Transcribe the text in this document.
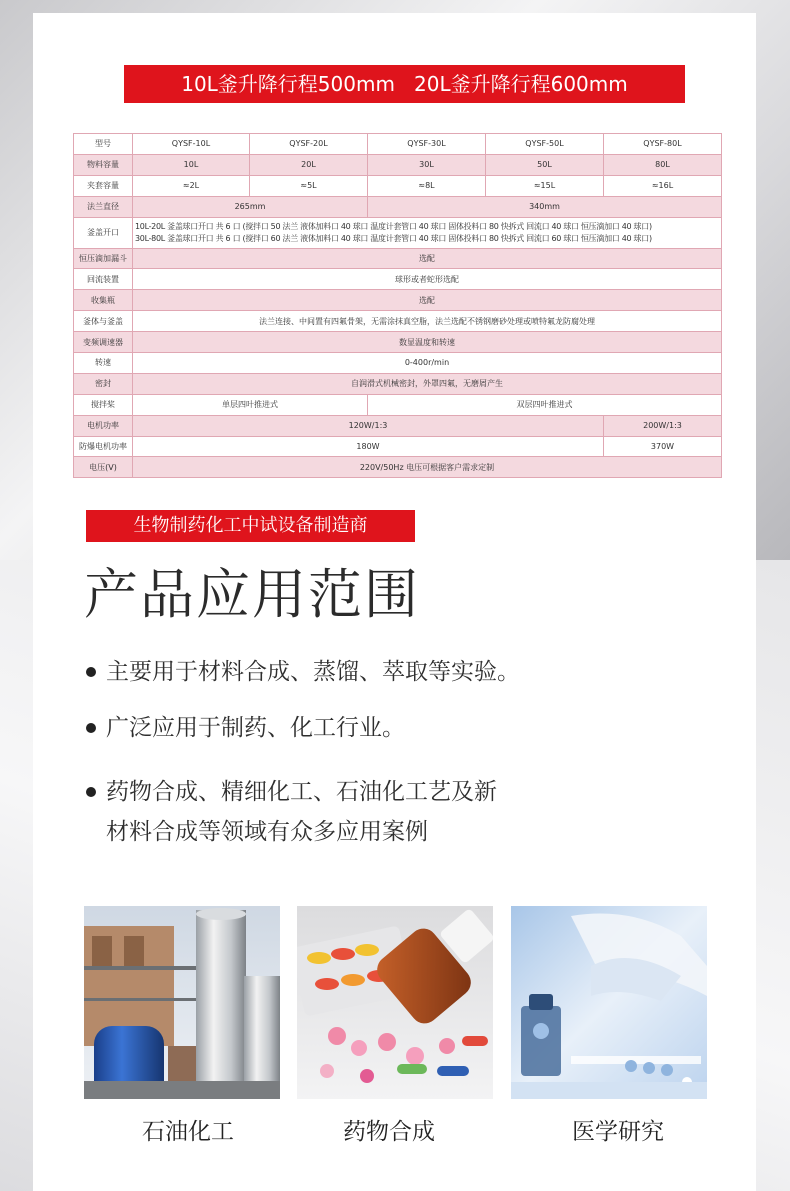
10L釜升降行程500mm   20L釜升降行程600mm
型号	QYSF-10L	QYSF-20L	QYSF-30L	QYSF-50L	QYSF-80L
物料容量	10L	20L	30L	50L	80L
夹套容量	≈2L	≈5L	≈8L	≈15L	≈16L
法兰直径	265mm		340mm		
釜盖开口	10L-20L 釜盖球口开口 共 6 口 (搅拌口 50 法兰 液体加料口 40 球口 温度计套管口 40 球口 固体投料口 80 快拆式 回流口 40 球口 恒压滴加口 40 球口)
30L-80L 釜盖球口开口 共 6 口 (搅拌口 60 法兰 液体加料口 40 球口 温度计套管口 40 球口 固体投料口 80 快拆式 回流口 60 球口 恒压滴加口 40 球口)				

恒压滴加漏斗	选配				
回流装置	球形或者蛇形选配				
收集瓶	选配				
釜体与釜盖	法兰连接、中间置有四氟骨架，无需涂抹真空脂，法兰选配不锈钢磨砂处理或喷特氟龙防腐处理				
变频调速器	数显温度和转速				
转速	0-400r/min				
密封	自润滑式机械密封，外罩四氟，无磨屑产生				
搅拌桨	单层四叶推进式		双层四叶推进式		
电机功率	120W/1:3				200W/1:3
防爆电机功率	180W				370W
电压(V)	220V/50Hz 电压可根据客户需求定制				
生物制药化工中试设备制造商
产品应用范围
主要用于材料合成、蒸馏、萃取等实验。
广泛应用于制药、化工行业。
药物合成、精细化工、石油化工艺及新
材料合成等领域有众多应用案例
石油化工	药物合成	医学研究
